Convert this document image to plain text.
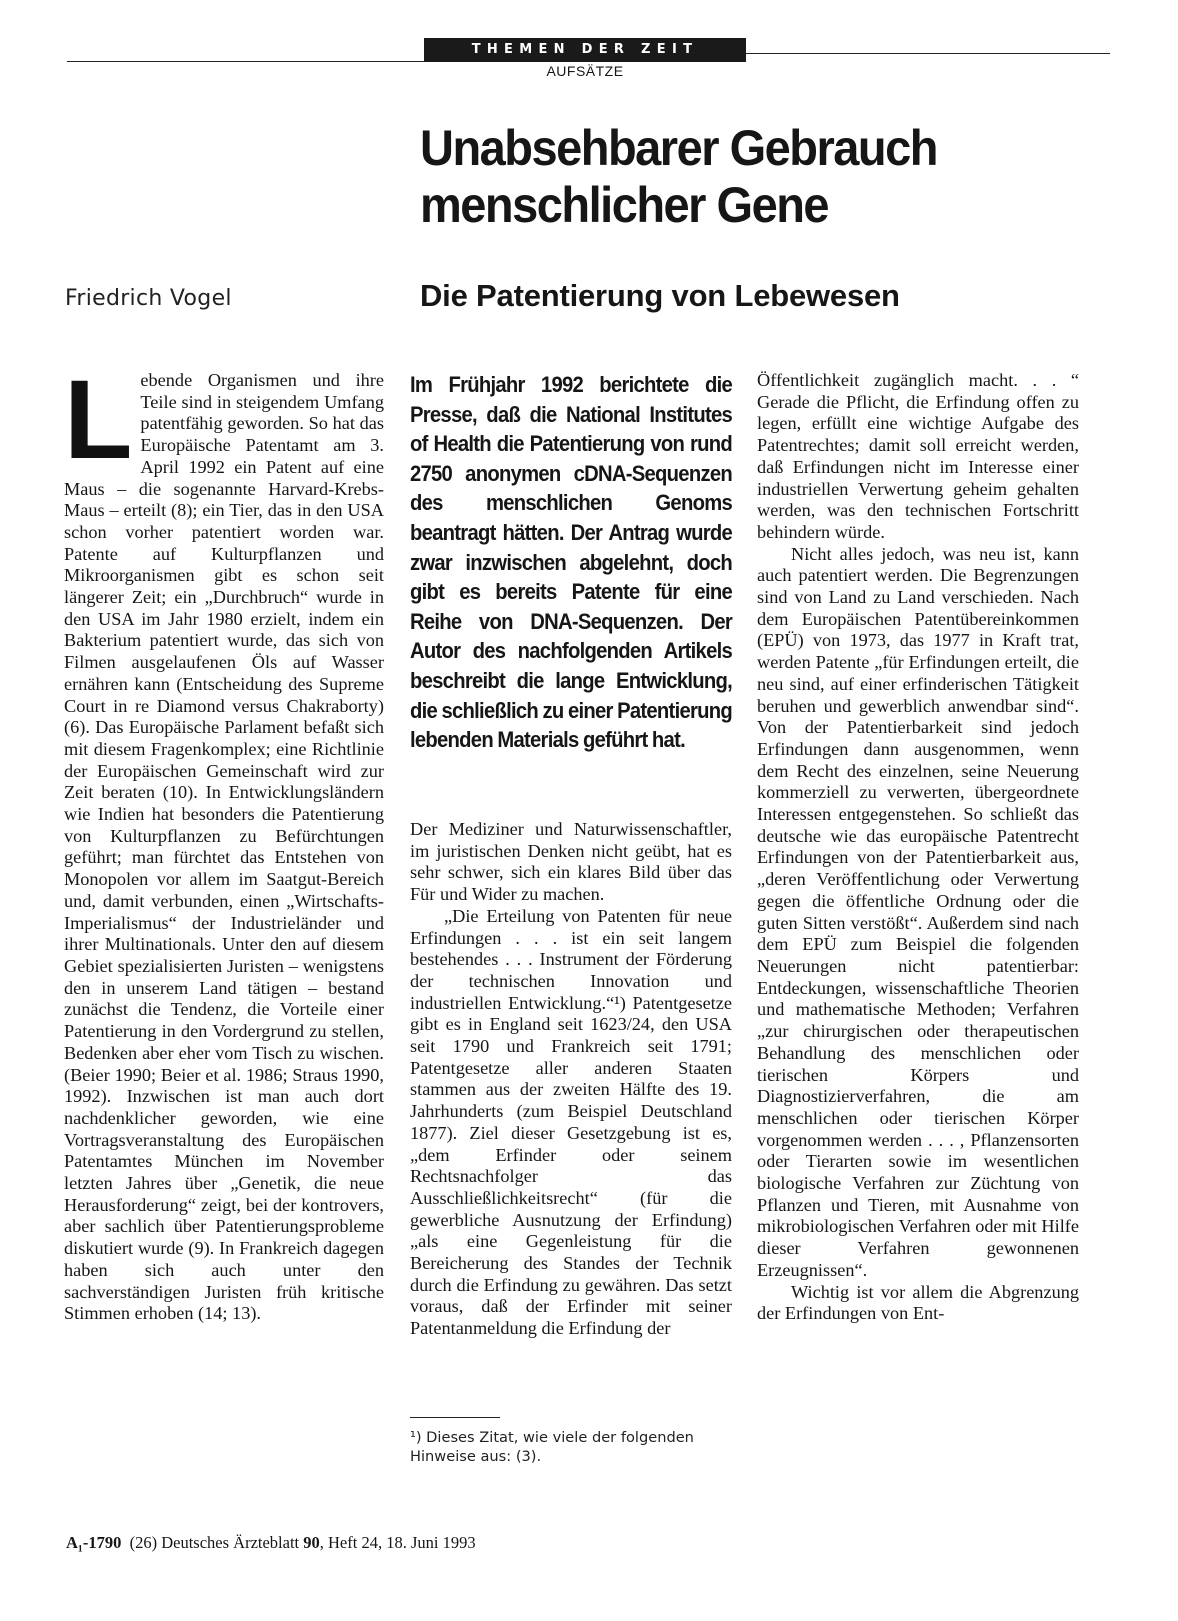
THEMEN DER ZEIT
AUFSÄTZE
Unabsehbarer Gebrauch
menschlicher Gene
Friedrich Vogel	Die Patentierung von Lebewesen

Lebende Organismen und ihre Teile sind in steigendem Umfang patentfähig geworden. So hat das Europäische Patentamt am 3. April 1992 ein Patent auf eine Maus – die sogenannte Harvard-Krebs-Maus – erteilt (8); ein Tier, das in den USA schon vorher patentiert worden war. Patente auf Kulturpflanzen und Mikroorganismen gibt es schon seit längerer Zeit; ein „Durchbruch“ wurde in den USA im Jahr 1980 erzielt, indem ein Bakterium patentiert wurde, das sich von Filmen ausgelaufenen Öls auf Wasser ernähren kann (Entscheidung des Supreme Court in re Diamond versus Chakraborty) (6). Das Europäische Parlament befaßt sich mit diesem Fragenkomplex; eine Richtlinie der Europäischen Gemeinschaft wird zur Zeit beraten (10). In Entwicklungsländern wie Indien hat besonders die Patentierung von Kulturpflanzen zu Befürchtungen geführt; man fürchtet das Entstehen von Monopolen vor allem im Saatgut-Bereich und, damit verbunden, einen „Wirtschafts-Imperialismus“ der Industrieländer und ihrer Multinationals. Unter den auf diesem Gebiet spezialisierten Juristen – wenigstens den in unserem Land tätigen – bestand zunächst die Tendenz, die Vorteile einer Patentierung in den Vordergrund zu stellen, Bedenken aber eher vom Tisch zu wischen. (Beier 1990; Beier et al. 1986; Straus 1990, 1992). Inzwischen ist man auch dort nachdenklicher geworden, wie eine Vortragsveranstaltung des Europäischen Patentamtes München im November letzten Jahres über „Genetik, die neue Herausforderung“ zeigt, bei der kontrovers, aber sachlich über Patentierungsprobleme diskutiert wurde (9). In Frankreich dagegen haben sich auch unter den sachverständigen Juristen früh kritische Stimmen erhoben (14; 13).

Im Frühjahr 1992 berichtete die Presse, daß die National Institutes of Health die Patentierung von rund 2750 anonymen cDNA-Sequenzen des menschlichen Genoms beantragt hätten. Der Antrag wurde zwar inzwischen abgelehnt, doch gibt es bereits Patente für eine Reihe von DNA-Sequenzen. Der Autor des nachfolgenden Artikels beschreibt die lange Entwicklung, die schließlich zu einer Patentierung lebenden Materials geführt hat.

Der Mediziner und Naturwissenschaftler, im juristischen Denken nicht geübt, hat es sehr schwer, sich ein klares Bild über das Für und Wider zu machen.

„Die Erteilung von Patenten für neue Erfindungen . . . ist ein seit langem bestehendes . . . Instrument der Förderung der technischen Innovation und industriellen Entwicklung.“¹) Patentgesetze gibt es in England seit 1623/24, den USA seit 1790 und Frankreich seit 1791; Patentgesetze aller anderen Staaten stammen aus der zweiten Hälfte des 19. Jahrhunderts (zum Beispiel Deutschland 1877). Ziel dieser Gesetzgebung ist es, „dem Erfinder oder seinem Rechtsnachfolger das Ausschließlichkeitsrecht“ (für die gewerbliche Ausnutzung der Erfindung) „als eine Gegenleistung für die Bereicherung des Standes der Technik durch die Erfindung zu gewähren. Das setzt voraus, daß der Erfinder mit seiner Patentanmeldung die Erfindung der

¹) Dieses Zitat, wie viele der folgenden Hinweise aus: (3).

Öffentlichkeit zugänglich macht. . . “ Gerade die Pflicht, die Erfindung offen zu legen, erfüllt eine wichtige Aufgabe des Patentrechtes; damit soll erreicht werden, daß Erfindungen nicht im Interesse einer industriellen Verwertung geheim gehalten werden, was den technischen Fortschritt behindern würde.

Nicht alles jedoch, was neu ist, kann auch patentiert werden. Die Begrenzungen sind von Land zu Land verschieden. Nach dem Europäischen Patentübereinkommen (EPÜ) von 1973, das 1977 in Kraft trat, werden Patente „für Erfindungen erteilt, die neu sind, auf einer erfinderischen Tätigkeit beruhen und gewerblich anwendbar sind“. Von der Patentierbarkeit sind jedoch Erfindungen dann ausgenommen, wenn dem Recht des einzelnen, seine Neuerung kommerziell zu verwerten, übergeordnete Interessen entgegenstehen. So schließt das deutsche wie das europäische Patentrecht Erfindungen von der Patentierbarkeit aus, „deren Veröffentlichung oder Verwertung gegen die öffentliche Ordnung oder die guten Sitten verstößt“. Außerdem sind nach dem EPÜ zum Beispiel die folgenden Neuerungen nicht patentierbar: Entdeckungen, wissenschaftliche Theorien und mathematische Methoden; Verfahren „zur chirurgischen oder therapeutischen Behandlung des menschlichen oder tierischen Körpers und Diagnostizierverfahren, die am menschlichen oder tierischen Körper vorgenommen werden . . . , Pflanzensorten oder Tierarten sowie im wesentlichen biologische Verfahren zur Züchtung von Pflanzen und Tieren, mit Ausnahme von mikrobiologischen Verfahren oder mit Hilfe dieser Verfahren gewonnenen Erzeugnissen“.

Wichtig ist vor allem die Abgrenzung der Erfindungen von Ent-

A₁-1790 (26) Deutsches Ärzteblatt 90, Heft 24, 18. Juni 1993
